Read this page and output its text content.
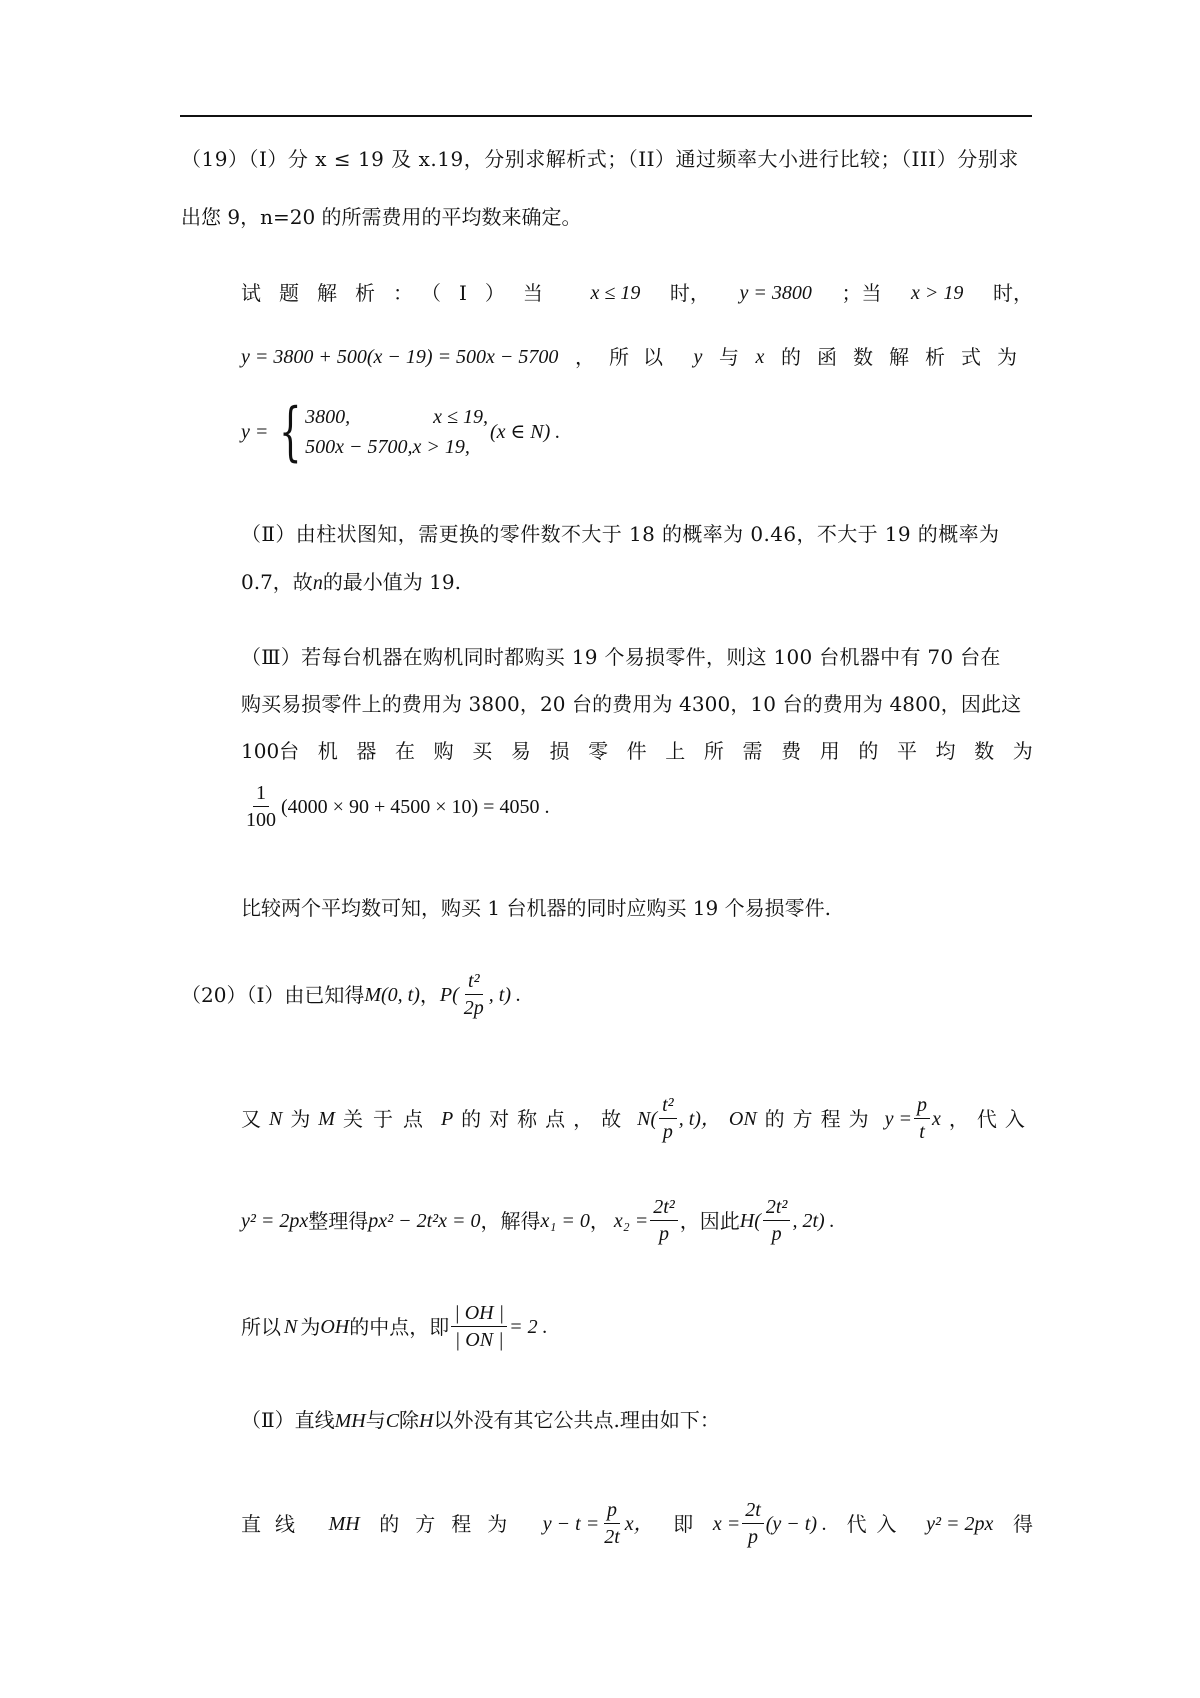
（19）（I）分 x ≤ 19 及 x.19，分别求解析式；（II）通过频率大小进行比较；（III）分别求
出您 9，n=20 的所需费用的平均数来确定。
试题解析：（Ⅰ）当 x ≤ 19 时， y = 3800 ；当 x > 19 时，
y = 3800 + 500(x − 19) = 500x − 5700 ，所以 y 与 x 的函数解析式为
y = { 3800,	x ≤ 19,
500x − 5700,x > 19,
(x ∈ N) .
（Ⅱ）由柱状图知，需更换的零件数不大于 18 的概率为 0.46，不大于 19 的概率为
0.7，故n的最小值为 19.
（Ⅲ）若每台机器在购机同时都购买 19 个易损零件，则这 100 台机器中有 70 台在
购买易损零件上的费用为 3800，20 台的费用为 4300，10 台的费用为 4800，因此这
100台 机 器 在 购 买 易 损 零 件 上 所 需 费 用 的 平 均 数 为
$\frac{1}{100} (4000 \times 90 + 4500 \times 10) = 4050$ .
比较两个平均数可知，购买 1 台机器的同时应购买 19 个易损零件.
（20）（Ⅰ）由已知得 M(0, t) ， $P( \frac{\text{t²}}{2p}$ , t) .
又 N 为 M 关于点 P 的对称点，故 $N( \frac{\text{t²}}{p}$ , t)， ON 的方程为 $y = \frac{p}{t}$ x ，代入
y² = 2px 整理得 px² − 2t²x = 0 ，解得 x₁ = 0 ， $x_2 = \frac{\text{2t²}}{p}$ ，因此 $H( \frac{\text{2t²}}{p}$ , 2t) .
所以 N 为 OH 的中点，即 $\frac{| OH |}{| ON |} = 2$ .
（Ⅱ）直线MH与C除H以外没有其它公共点.理由如下：
直线 MH 的方程为 $y - t = \frac{p}{2t}$ x， 即 $x = \frac{2t}{p} (y - t)$ . 代入 y² = 2px 得
